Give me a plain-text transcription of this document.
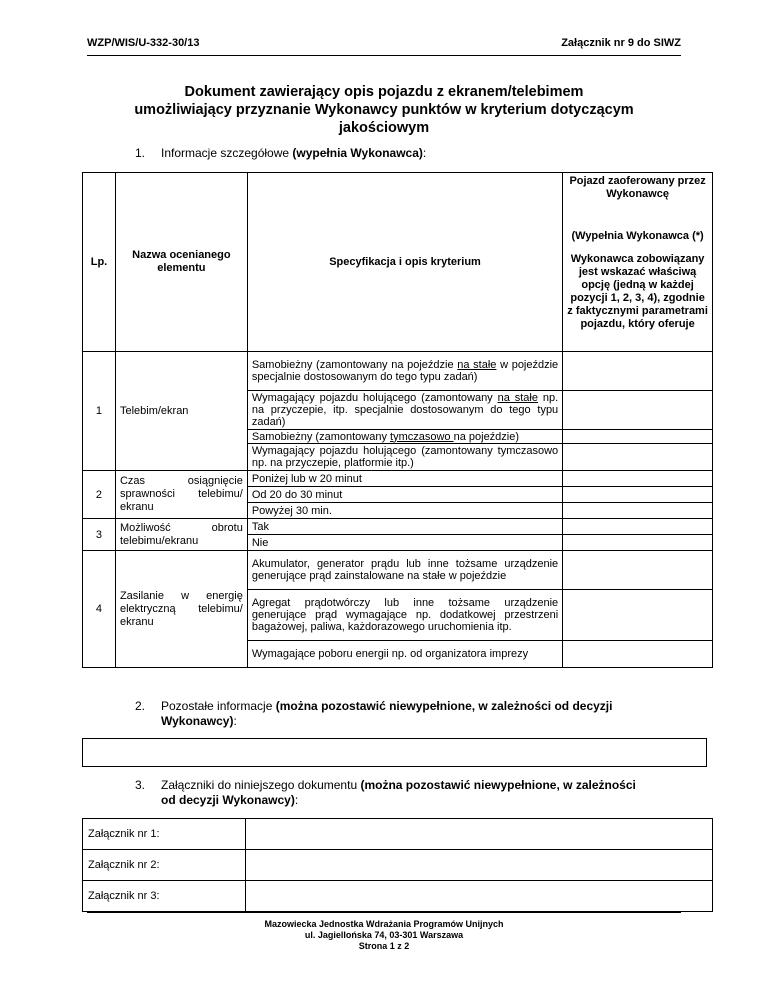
WZP/WIS/U-332-30/13	Załącznik nr 9 do SIWZ
Dokument zawierający opis pojazdu z ekranem/telebimem
umożliwiający przyznanie Wykonawcy punktów w kryterium dotyczącym
jakościowym
1. Informacje szczegółowe (wypełnia Wykonawca):
Lp.	Nazwa ocenianego elementu	Specyfikacja i opis kryterium	Pojazd zaoferowany przez Wykonawcę
			(Wypełnia Wykonawca (*)
			Wykonawca zobowiązany jest wskazać właściwą opcję (jedną w każdej pozycji 1, 2, 3, 4), zgodnie z faktycznymi parametrami pojazdu, który oferuje
1	Telebim/ekran	Samobieżny (zamontowany na pojeździe na stałe w pojeździe specjalnie dostosowanym do tego typu zadań)	
		Wymagający pojazdu holującego (zamontowany na stałe np. na przyczepie, itp. specjalnie dostosowanym do tego typu zadań)	
		Samobieżny (zamontowany tymczasowo na pojeździe)	
		Wymagający pojazdu holującego (zamontowany tymczasowo np. na przyczepie, platformie itp.)	
2	Czas osiągnięcie sprawności telebimu/ ekranu	Poniżej lub w 20 minut	
		Od 20 do 30 minut	
		Powyżej 30 min.	
3	Możliwość obrotu telebimu/ekranu	Tak	
		Nie	
4	Zasilanie w energię elektryczną telebimu/ ekranu	Akumulator, generator prądu lub inne tożsame urządzenie generujące prąd zainstalowane na stałe w pojeździe	
		Agregat prądotwórczy lub inne tożsame urządzenie generujące prąd wymagające np. dodatkowej przestrzeni bagażowej, paliwa, każdorazowego uruchomienia itp.	
		Wymagające poboru energii np. od organizatora imprezy	
2. Pozostałe informacje (można pozostawić niewypełnione, w zależności od decyzji
Wykonawcy):
3. Załączniki do niniejszego dokumentu (można pozostawić niewypełnione, w zależności
od decyzji Wykonawcy):
Załącznik nr 1:	
Załącznik nr 2:	
Załącznik nr 3:	
Mazowiecka Jednostka Wdrażania Programów Unijnych
ul. Jagiellońska 74, 03-301 Warszawa
Strona 1 z 2
